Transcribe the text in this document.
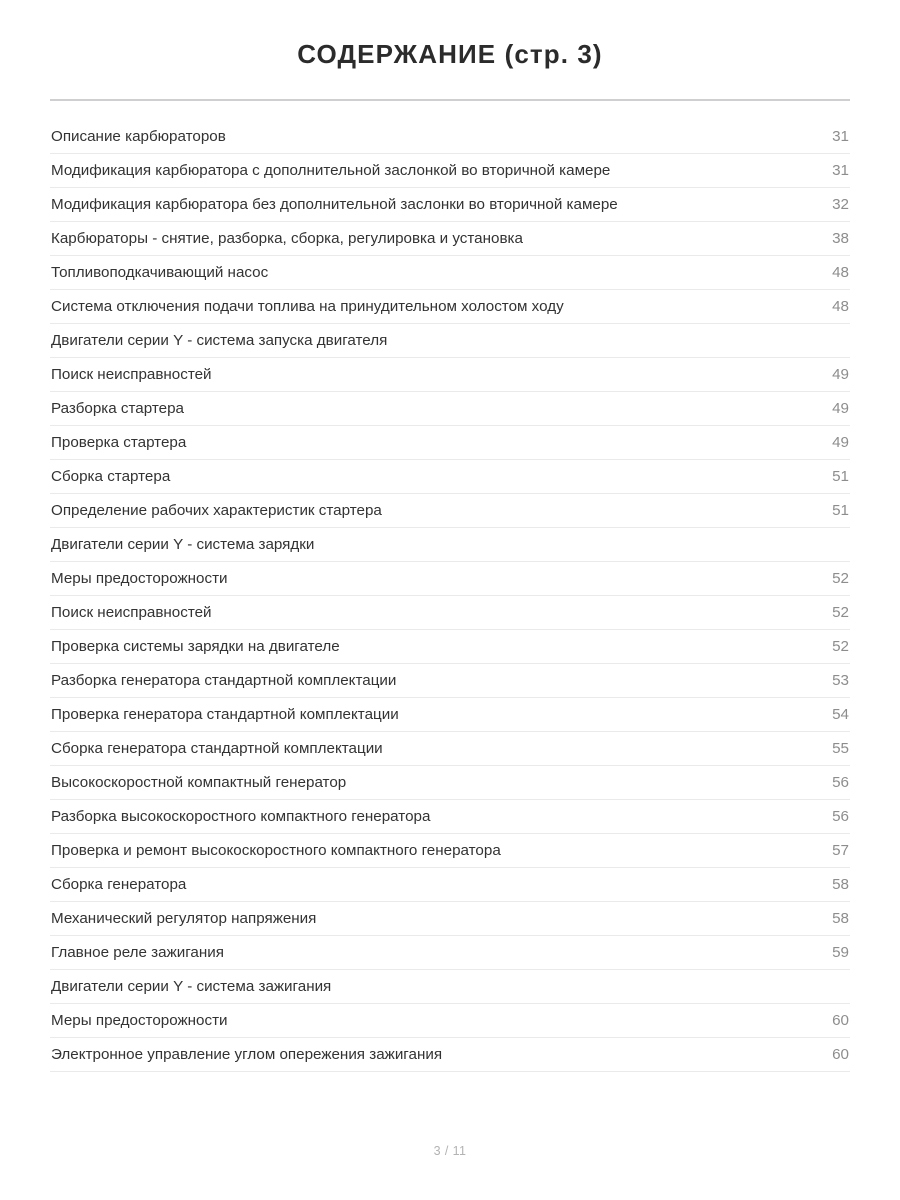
СОДЕРЖАНИЕ (стр. 3)
Описание карбюраторов	31
Модификация карбюратора с дополнительной заслонкой во вторичной камере	31
Модификация карбюратора без дополнительной заслонки во вторичной камере	32
Карбюраторы - снятие, разборка, сборка, регулировка и установка	38
Топливоподкачивающий насос	48
Система отключения подачи топлива на принудительном холостом ходу	48
Двигатели серии Y - система запуска двигателя
Поиск неисправностей	49
Разборка стартера	49
Проверка стартера	49
Сборка стартера	51
Определение рабочих характеристик стартера	51
Двигатели серии Y - система зарядки
Меры предосторожности	52
Поиск неисправностей	52
Проверка системы зарядки на двигателе	52
Разборка генератора стандартной комплектации	53
Проверка генератора стандартной комплектации	54
Сборка генератора стандартной комплектации	55
Высокоскоростной компактный генератор	56
Разборка высокоскоростного компактного генератора	56
Проверка и ремонт высокоскоростного компактного генератора	57
Сборка генератора	58
Механический регулятор напряжения	58
Главное реле зажигания	59
Двигатели серии Y - система зажигания
Меры предосторожности	60
Электронное управление углом опережения зажигания	60
3 / 11
